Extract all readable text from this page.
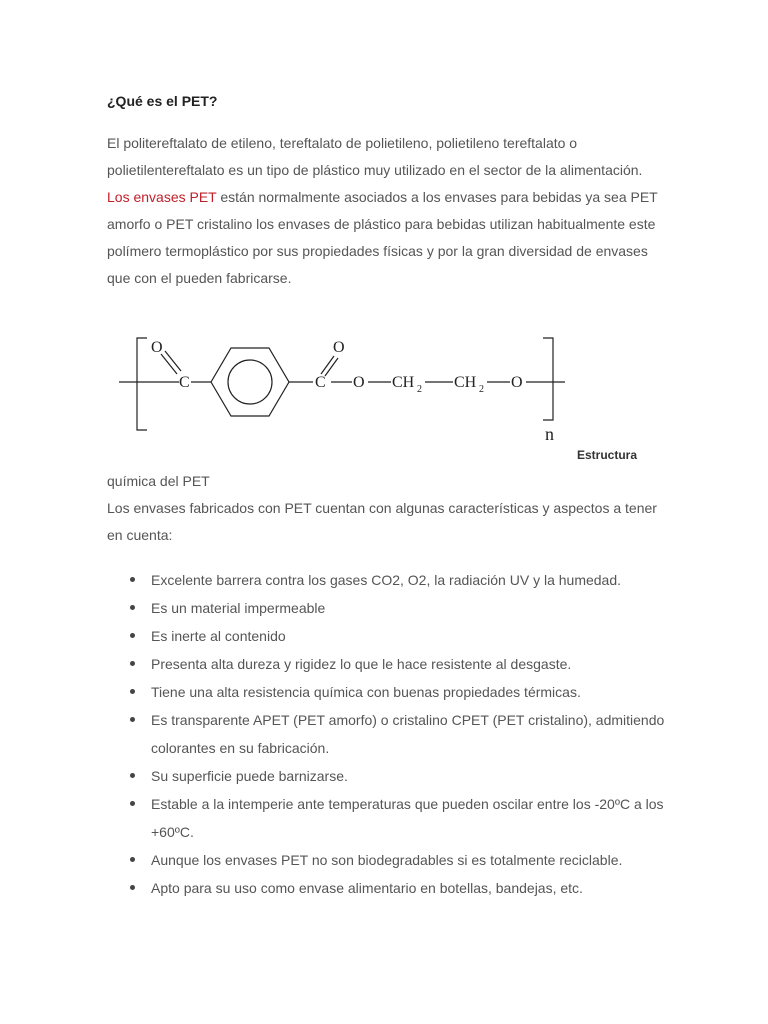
¿Qué es el PET?

El politereftalato de etileno, tereftalato de polietileno, polietileno tereftalato o polietilentereftalato es un tipo de plástico muy utilizado en el sector de la alimentación. Los envases PET están normalmente asociados a los envases para bebidas ya sea PET amorfo o PET cristalino los envases de plástico para bebidas utilizan habitualmente este polímero termoplástico por sus propiedades físicas y por la gran diversidad de envases que con el pueden fabricarse.

O
C
O
C O CH 2 CH 2 O
n
Estructura
química del PET

Los envases fabricados con PET cuentan con algunas características y aspectos a tener en cuenta:

Excelente barrera contra los gases CO2, O2, la radiación UV y la humedad.
Es un material impermeable
Es inerte al contenido
Presenta alta dureza y rigidez lo que le hace resistente al desgaste.
Tiene una alta resistencia química con buenas propiedades térmicas.
Es transparente APET (PET amorfo) o cristalino CPET (PET cristalino), admitiendo colorantes en su fabricación.
Su superficie puede barnizarse.
Estable a la intemperie ante temperaturas que pueden oscilar entre los -20ºC a los +60ºC.
Aunque los envases PET no son biodegradables si es totalmente reciclable.
Apto para su uso como envase alimentario en botellas, bandejas, etc.
